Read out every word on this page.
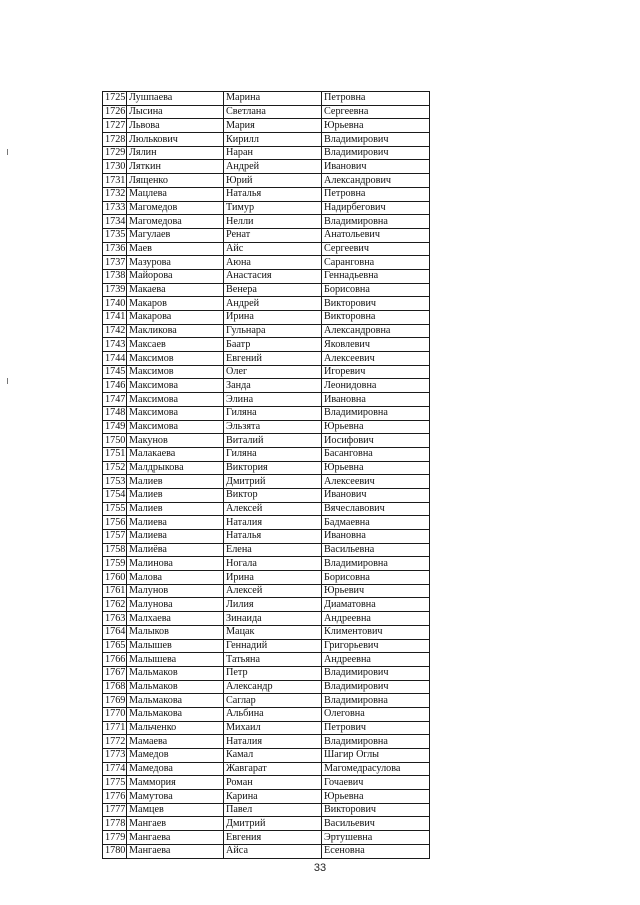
1725	Лушпаева	Марина	Петровна
1726	Лысина	Светлана	Сергеевна
1727	Львова	Мария	Юрьевна
1728	Люлькович	Кирилл	Владимирович
1729	Лялин	Наран	Владимирович
1730	Ляткин	Андрей	Иванович
1731	Лященко	Юрий	Александрович
1732	Мацлева	Наталья	Петровна
1733	Магомедов	Тимур	Надирбегович
1734	Магомедова	Нелли	Владимировна
1735	Магулаев	Ренат	Анатольевич
1736	Маев	Айс	Сергеевич
1737	Мазурова	Аюна	Саранговна
1738	Майорова	Анастасия	Геннадьевна
1739	Макаева	Венера	Борисовна
1740	Макаров	Андрей	Викторович
1741	Макарова	Ирина	Викторовна
1742	Макликова	Гульнара	Александровна
1743	Максаев	Баатр	Яковлевич
1744	Максимов	Евгений	Алексеевич
1745	Максимов	Олег	Игоревич
1746	Максимова	Занда	Леонидовна
1747	Максимова	Элина	Ивановна
1748	Максимова	Гиляна	Владимировна
1749	Максимова	Эльзята	Юрьевна
1750	Макунов	Виталий	Иосифович
1751	Малакаева	Гиляна	Басанговна
1752	Малдрыкова	Виктория	Юрьевна
1753	Малиев	Дмитрий	Алексеевич
1754	Малиев	Виктор	Иванович
1755	Малиев	Алексей	Вячеславович
1756	Малиева	Наталия	Бадмаевна
1757	Малиева	Наталья	Ивановна
1758	Малиёва	Елена	Васильевна
1759	Малинова	Ногала	Владимировна
1760	Малова	Ирина	Борисовна
1761	Малунов	Алексей	Юрьевич
1762	Малунова	Лилия	Диаматовна
1763	Малхаева	Зинаида	Андреевна
1764	Малыков	Мацак	Климентович
1765	Малышев	Геннадий	Григорьевич
1766	Малышева	Татьяна	Андреевна
1767	Мальмаков	Петр	Владимирович
1768	Мальмаков	Александр	Владимирович
1769	Мальмакова	Саглар	Владимировна
1770	Мальмакова	Альбина	Олеговна
1771	Мальченко	Михаил	Петрович
1772	Мамаева	Наталия	Владимировна
1773	Мамедов	Камал	Шагир Оглы
1774	Мамедова	Жавгарат	Магомедрасулова
1775	Маммория	Роман	Гочаевич
1776	Мамутова	Карина	Юрьевна
1777	Мамцев	Павел	Викторович
1778	Мангаев	Дмитрий	Васильевич
1779	Мангаева	Евгения	Эртушевна
1780	Мангаева	Айса	Есеновна
33
